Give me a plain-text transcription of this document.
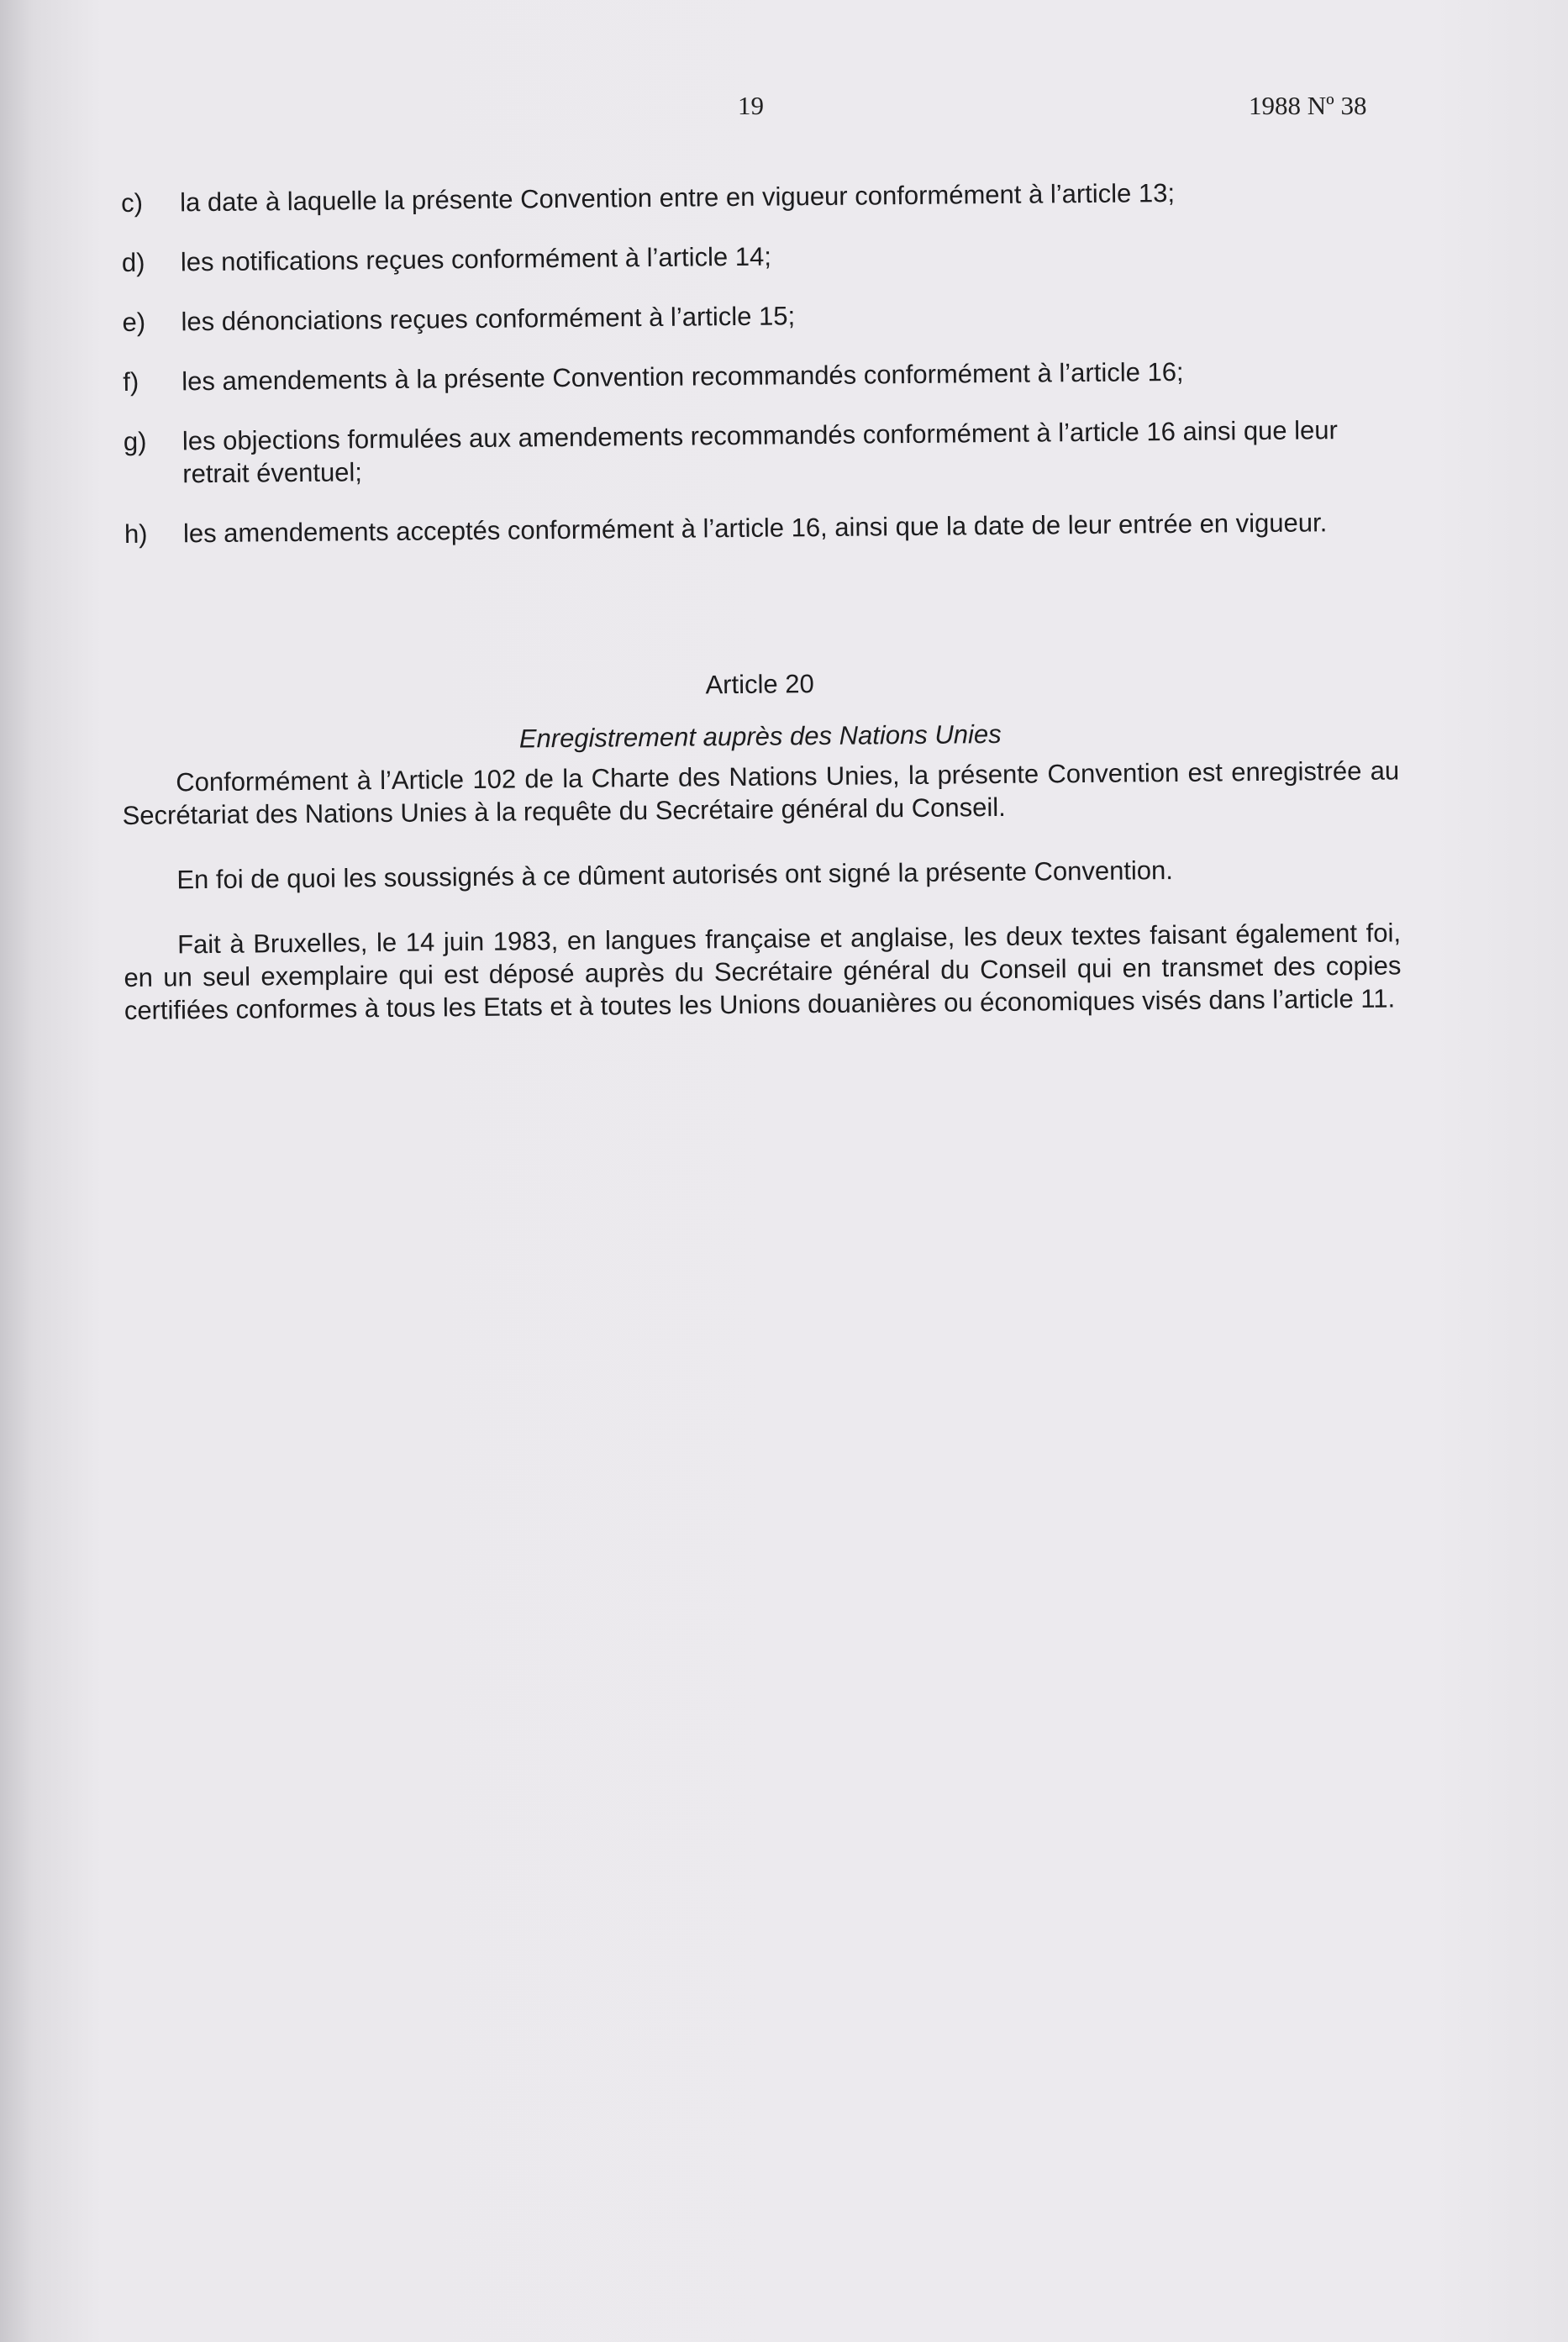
19	1988 Nº 38
c)	la date à laquelle la présente Convention entre en vigueur conformément à l’article 13;
d)	les notifications reçues conformément à l’article 14;
e)	les dénonciations reçues conformément à l’article 15;
f)	les amendements à la présente Convention recommandés conformément à l’article 16;
g)	les objections formulées aux amendements recommandés conformément à l’article 16 ainsi que leur retrait éventuel;
h)	les amendements acceptés conformément à l’article 16, ainsi que la date de leur entrée en vigueur.
Article 20
Enregistrement auprès des Nations Unies

Conformément à l’Article 102 de la Charte des Nations Unies, la présente Convention est enregistrée au Secrétariat des Nations Unies à la requête du Secrétaire général du Conseil.

En foi de quoi les soussignés à ce dûment autorisés ont signé la présente Convention.

Fait à Bruxelles, le 14 juin 1983, en langues française et anglaise, les deux textes faisant également foi, en un seul exemplaire qui est déposé auprès du Secrétaire général du Conseil qui en transmet des copies certifiées conformes à tous les Etats et à toutes les Unions douanières ou économiques visés dans l’article 11.
